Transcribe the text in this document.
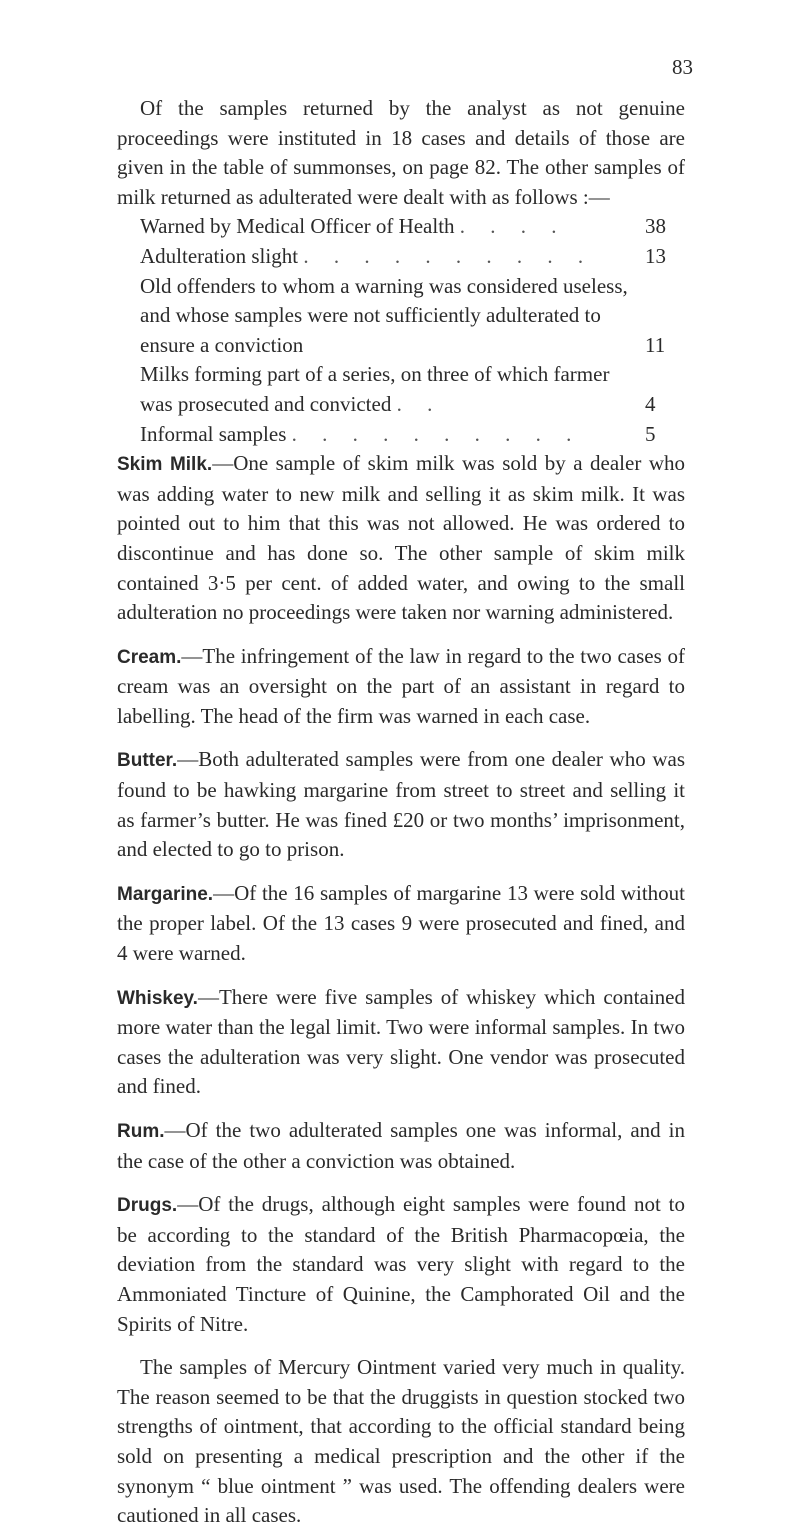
83

Of the samples returned by the analyst as not genuine proceedings were instituted in 18 cases and details of those are given in the table of summonses, on page 82. The other samples of milk returned as adulterated were dealt with as follows :—

Warned by Medical Officer of Health . . . .	38
Adulteration slight . . . . . . . . . .	13
Old offenders to whom a warning was considered useless, and whose samples were not sufficiently adulterated to ensure a conviction	11
Milks forming part of a series, on three of which farmer was prosecuted and convicted . .	4
Informal samples . . . . . . . . . .	5

Skim Milk.—One sample of skim milk was sold by a dealer who was adding water to new milk and selling it as skim milk. It was pointed out to him that this was not allowed. He was ordered to discontinue and has done so. The other sample of skim milk contained 3·5 per cent. of added water, and owing to the small adulteration no proceedings were taken nor warning administered.

Cream.—The infringement of the law in regard to the two cases of cream was an oversight on the part of an assistant in regard to labelling. The head of the firm was warned in each case.

Butter.—Both adulterated samples were from one dealer who was found to be hawking margarine from street to street and selling it as farmer’s butter. He was fined £20 or two months’ imprisonment, and elected to go to prison.

Margarine.—Of the 16 samples of margarine 13 were sold without the proper label. Of the 13 cases 9 were prosecuted and fined, and 4 were warned.

Whiskey.—There were five samples of whiskey which contained more water than the legal limit. Two were informal samples. In two cases the adulteration was very slight. One vendor was prosecuted and fined.

Rum.—Of the two adulterated samples one was informal, and in the case of the other a conviction was obtained.

Drugs.—Of the drugs, although eight samples were found not to be according to the standard of the British Pharmacopœia, the deviation from the standard was very slight with regard to the Ammoniated Tincture of Quinine, the Camphorated Oil and the Spirits of Nitre.

The samples of Mercury Ointment varied very much in quality. The reason seemed to be that the druggists in question stocked two strengths of ointment, that according to the official standard being sold on presenting a medical prescription and the other if the synonym “ blue ointment ” was used. The offending dealers were cautioned in all cases.
